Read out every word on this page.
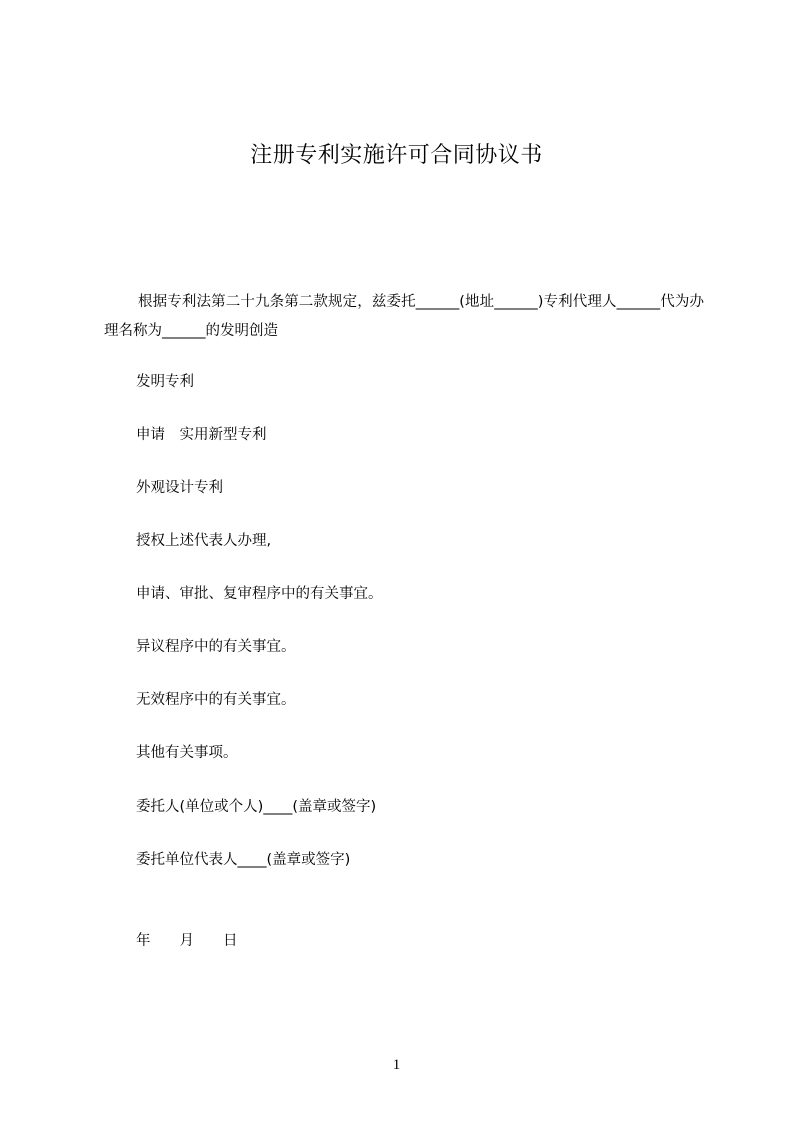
注册专利实施许可合同协议书
根据专利法第二十九条第二款规定，兹委托______(地址______)专利代理人______代为办理名称为______的发明创造
发明专利
申请　实用新型专利
外观设计专利
授权上述代表人办理,
申请、审批、复审程序中的有关事宜。
异议程序中的有关事宜。
无效程序中的有关事宜。
其他有关事项。
委托人(单位或个人)____(盖章或签字)
委托单位代表人____(盖章或签字)
年　　月　　日
1
